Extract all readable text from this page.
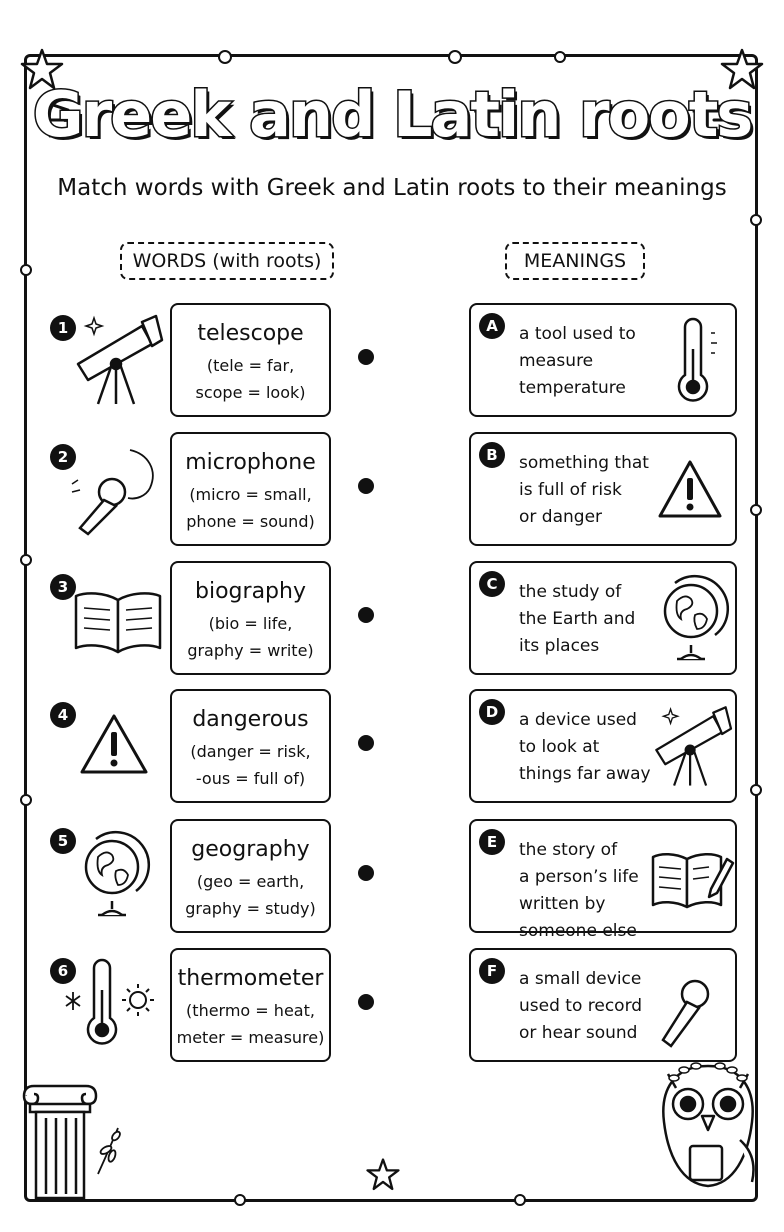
Greek and Latin roots
Match words with Greek and Latin roots to their meanings
WORDS (with roots)	MEANINGS
1	telescope
(tele = far,
scope = look)
A	a tool used to
measure
temperature
2	microphone
(micro = small,
phone = sound)
B	something that
is full of risk
or danger
3	biography
(bio = life,
graphy = write)
C	the study of
the Earth and
its places
4	dangerous
(danger = risk,
-ous = full of)
D	a device used
to look at
things far away
5	geography
(geo = earth,
graphy = study)
E	the story of
a person’s life
written by
someone else
6	thermometer
(thermo = heat,
meter = measure)
F	a small device
used to record
or hear sound
